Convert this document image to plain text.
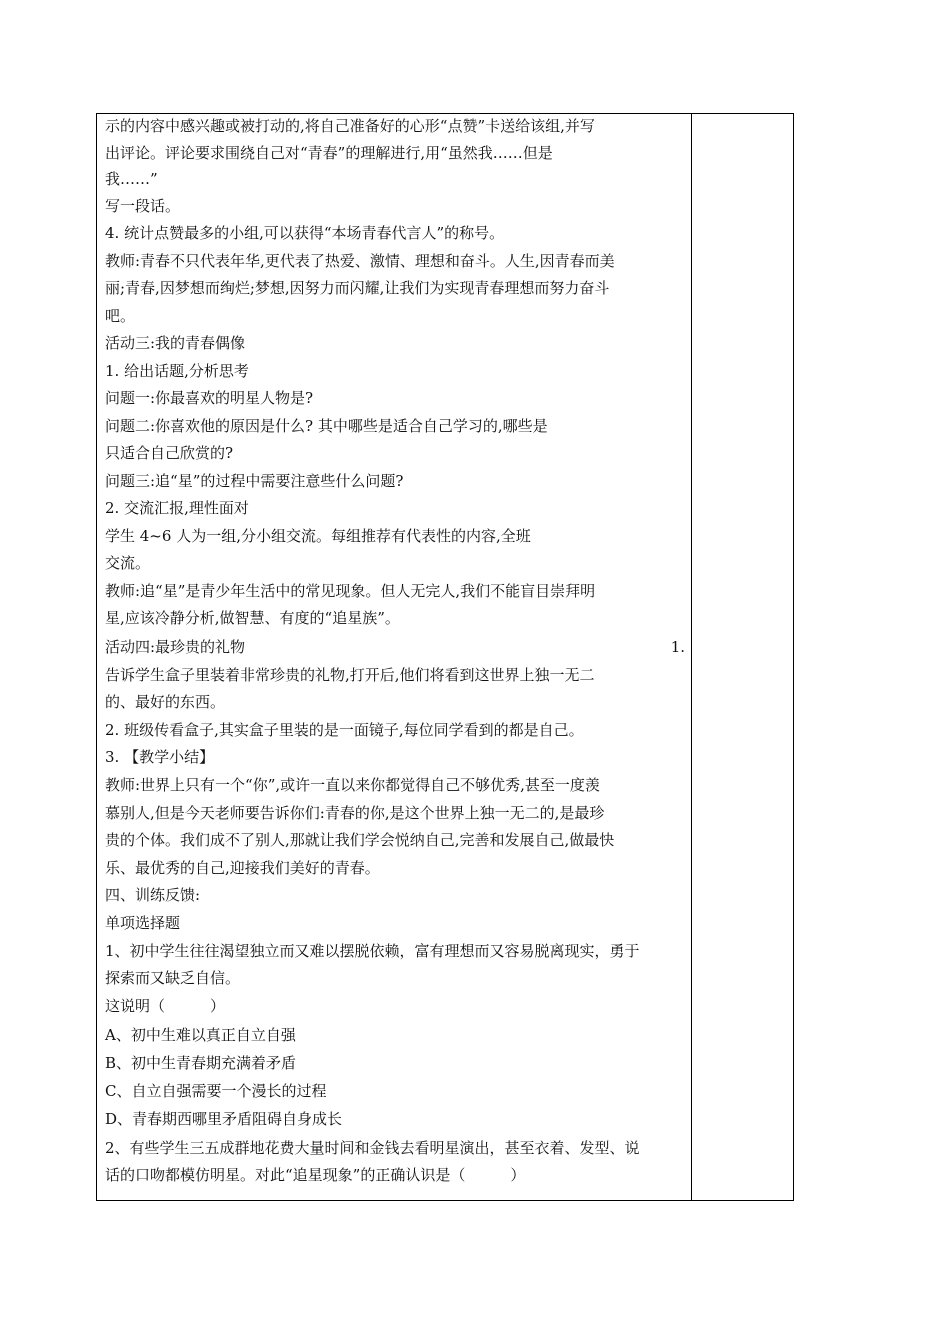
示的内容中感兴趣或被打动的,将自己准备好的心形“点赞”卡送给该组,并写
出评论。评论要求围绕自己对“青春”的理解进行,用“虽然我……但是
我……”
写一段话。
4. 统计点赞最多的小组,可以获得“本场青春代言人”的称号。
教师:青春不只代表年华,更代表了热爱、激情、理想和奋斗。人生,因青春而美
丽;青春,因梦想而绚烂;梦想,因努力而闪耀,让我们为实现青春理想而努力奋斗
吧。
活动三:我的青春偶像
1. 给出话题,分析思考
问题一:你最喜欢的明星人物是?
问题二:你喜欢他的原因是什么? 其中哪些是适合自己学习的,哪些是
只适合自己欣赏的?
问题三:追“星”的过程中需要注意些什么问题?
2. 交流汇报,理性面对
学生 4~6 人为一组,分小组交流。每组推荐有代表性的内容,全班
交流。
教师:追“星”是青少年生活中的常见现象。但人无完人,我们不能盲目崇拜明
星,应该冷静分析,做智慧、有度的“追星族”。
活动四:最珍贵的礼物	1.
告诉学生盒子里装着非常珍贵的礼物,打开后,他们将看到这世界上独一无二
的、最好的东西。
2. 班级传看盒子,其实盒子里装的是一面镜子,每位同学看到的都是自己。
3. 【教学小结】
教师:世界上只有一个“你”,或许一直以来你都觉得自己不够优秀,甚至一度羡
慕别人,但是今天老师要告诉你们:青春的你,是这个世界上独一无二的,是最珍
贵的个体。我们成不了别人,那就让我们学会悦纳自己,完善和发展自己,做最快
乐、最优秀的自己,迎接我们美好的青春。
四、训练反馈:
单项选择题
1、初中学生往往渴望独立而又难以摆脱依赖，富有理想而又容易脱离现实，勇于
探索而又缺乏自信。
这说明（　　　）
A、初中生难以真正自立自强
B、初中生青春期充满着矛盾
C、自立自强需要一个漫长的过程
D、青春期西哪里矛盾阻碍自身成长
2、有些学生三五成群地花费大量时间和金钱去看明星演出，甚至衣着、发型、说
话的口吻都模仿明星。对此“追星现象”的正确认识是（　　　）
